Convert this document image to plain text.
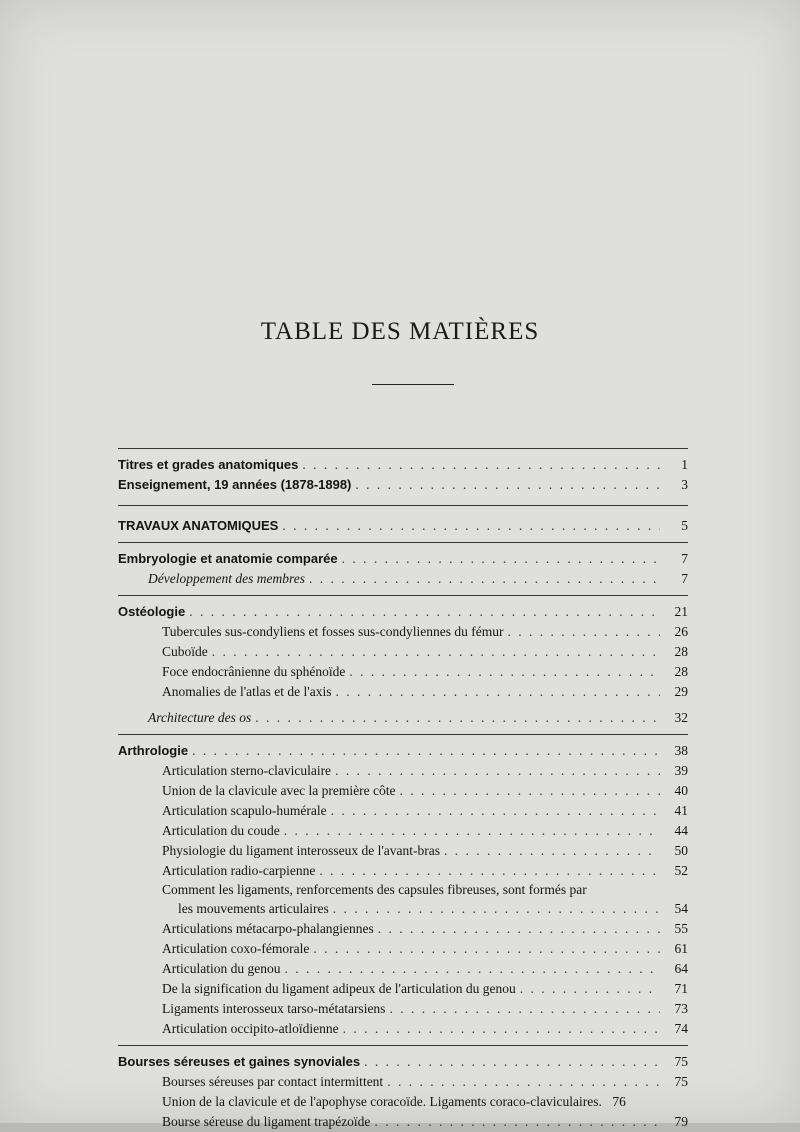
TABLE DES MATIÈRES
Titres et grades anatomiques . . .	1
Enseignement, 19 années (1878-1898) . . .	3
TRAVAUX ANATOMIQUES . . .	5
Embryologie et anatomie comparée . . .	7
Développement des membres . . .	7
Ostéologie . . .	21
Tubercules sus-condyliens et fosses sus-condyliennes du fémur . . .	26
Cuboïde . . .	28
Foce endocrânienne du sphénoïde . . .	28
Anomalies de l'atlas et de l'axis . . .	29
Architecture des os . . .	32
Arthrologie . . .	38
Articulation sterno-claviculaire . . .	39
Union de la clavicule avec la première côte . . .	40
Articulation scapulo-humérale . . .	41
Articulation du coude . . .	44
Physiologie du ligament interosseux de l'avant-bras . . .	50
Articulation radio-carpienne . . .	52
Comment les ligaments, renforcements des capsules fibreuses, sont formés par
les mouvements articulaires . . .	54
Articulations métacarpo-phalangiennes . . .	55
Articulation coxo-fémorale . . .	61
Articulation du genou . . .	64
De la signification du ligament adipeux de l'articulation du genou . . .	71
Ligaments interosseux tarso-métatarsiens . . .	73
Articulation occipito-atloïdienne . . .	74
Bourses séreuses et gaines synoviales . . .	75
Bourses séreuses par contact intermittent . . .	75
Union de la clavicule et de l'apophyse coracoïde. Ligaments coraco-claviculaires. 76
Bourse séreuse du ligament trapézoïde . . .	79
